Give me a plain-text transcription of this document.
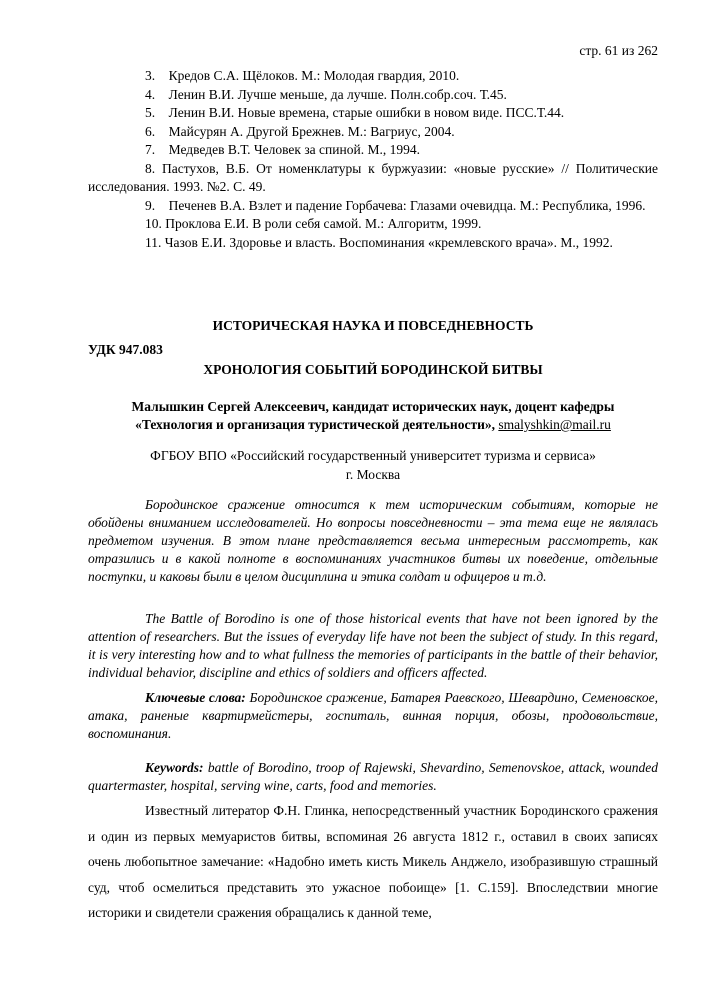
стр. 61 из 262
3. Кредов С.А. Щёлоков. М.: Молодая гвардия, 2010.
4. Ленин В.И. Лучше меньше, да лучше. Полн.собр.соч. Т.45.
5. Ленин В.И. Новые времена, старые ошибки в новом виде. ПСС.Т.44.
6. Майсурян А. Другой Брежнев. М.: Вагриус, 2004.
7. Медведев В.Т. Человек за спиной. М., 1994.
8. Пастухов, В.Б. От номенклатуры к буржуазии: «новые русские» // Политические исследования. 1993. №2. С. 49.
9. Печенев В.А. Взлет и падение Горбачева: Глазами очевидца. М.: Республика, 1996.
10. Проклова Е.И. В роли себя самой. М.: Алгоритм, 1999.
11. Чазов Е.И. Здоровье и власть. Воспоминания «кремлевского врача». М., 1992.
ИСТОРИЧЕСКАЯ НАУКА И ПОВСЕДНЕВНОСТЬ
УДК 947.083
ХРОНОЛОГИЯ СОБЫТИЙ БОРОДИНСКОЙ БИТВЫ
Малышкин Сергей Алексеевич, кандидат исторических наук, доцент кафедры
«Технология и организация туристической деятельности», smalyshkin@mail.ru
ФГБОУ ВПО «Российский государственный университет туризма и сервиса»
г. Москва
Бородинское сражение относится к тем историческим событиям, которые не обойдены вниманием исследователей. Но вопросы повседневности – эта тема еще не являлась предметом изучения. В этом плане представляется весьма интересным рассмотреть, как отразились и в какой полноте в воспоминаниях участников битвы их поведение, отдельные поступки, и каковы были в целом дисциплина и этика солдат и офицеров и т.д.
The Battle of Borodino is one of those historical events that have not been ignored by the attention of researchers. But the issues of everyday life have not been the subject of study. In this regard, it is very interesting how and to what fullness the memories of participants in the battle of their behavior, individual behavior, discipline and ethics of soldiers and officers affected.
Ключевые слова: Бородинское сражение, Батарея Раевского, Шевардино, Семеновское, атака, раненые квартирмейстеры, госпиталь, винная порция, обозы, продовольствие, воспоминания.
Keywords: battle of Borodino, troop of Rajewski, Shevardino, Semenovskoe, attack, wounded quartermaster, hospital, serving wine, carts, food and memories.
Известный литератор Ф.Н. Глинка, непосредственный участник Бородинского сражения и один из первых мемуаристов битвы, вспоминая 26 августа 1812 г., оставил в своих записях очень любопытное замечание: «Надобно иметь кисть Микель Анджело, изобразившую страшный суд, чтоб осмелиться представить это ужасное побоище» [1. С.159]. Впоследствии многие историки и свидетели сражения обращались к данной теме,
